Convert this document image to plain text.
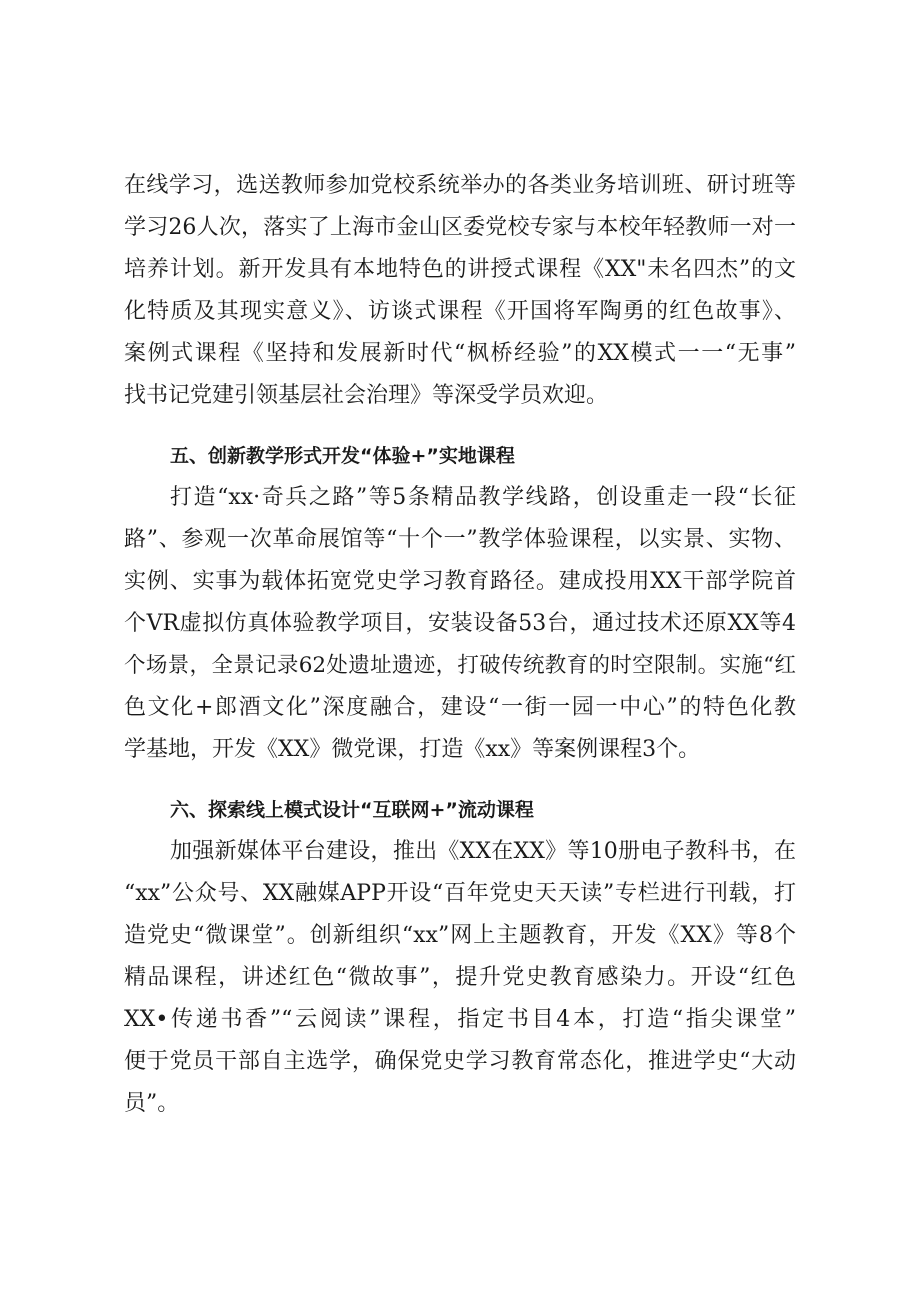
在线学习，选送教师参加党校系统举办的各类业务培训班、研讨班等
学习26人次，落实了上海市金山区委党校专家与本校年轻教师一对一
培养计划。新开发具有本地特色的讲授式课程《XX"未名四杰”的文
化特质及其现实意义》、访谈式课程《开国将军陶勇的红色故事》、
案例式课程《坚持和发展新时代“枫桥经验”的XX模式一一“无事”
找书记党建引领基层社会治理》等深受学员欢迎。
五、创新教学形式开发“体验+”实地课程
打造“xx·奇兵之路”等5条精品教学线路，创设重走一段“长征
路”、参观一次革命展馆等“十个一”教学体验课程，以实景、实物、
实例、实事为载体拓宽党史学习教育路径。建成投用XX干部学院首
个VR虚拟仿真体验教学项目，安装设备53台，通过技术还原XX等4
个场景，全景记录62处遗址遗迹，打破传统教育的时空限制。实施“红
色文化+郎酒文化”深度融合，建设“一街一园一中心”的特色化教
学基地，开发《XX》微党课，打造《xx》等案例课程3个。
六、探索线上模式设计“互联网+”流动课程
加强新媒体平台建设，推出《XX在XX》等10册电子教科书，在
“xx”公众号、XX融媒APP开设“百年党史天天读”专栏进行刊载，打
造党史“微课堂”。创新组织“xx”网上主题教育，开发《XX》等8个
精品课程，讲述红色“微故事”，提升党史教育感染力。开设“红色
XX•传递书香”“云阅读”课程，指定书目4本，打造“指尖课堂”
便于党员干部自主选学，确保党史学习教育常态化，推进学史“大动
员”。
